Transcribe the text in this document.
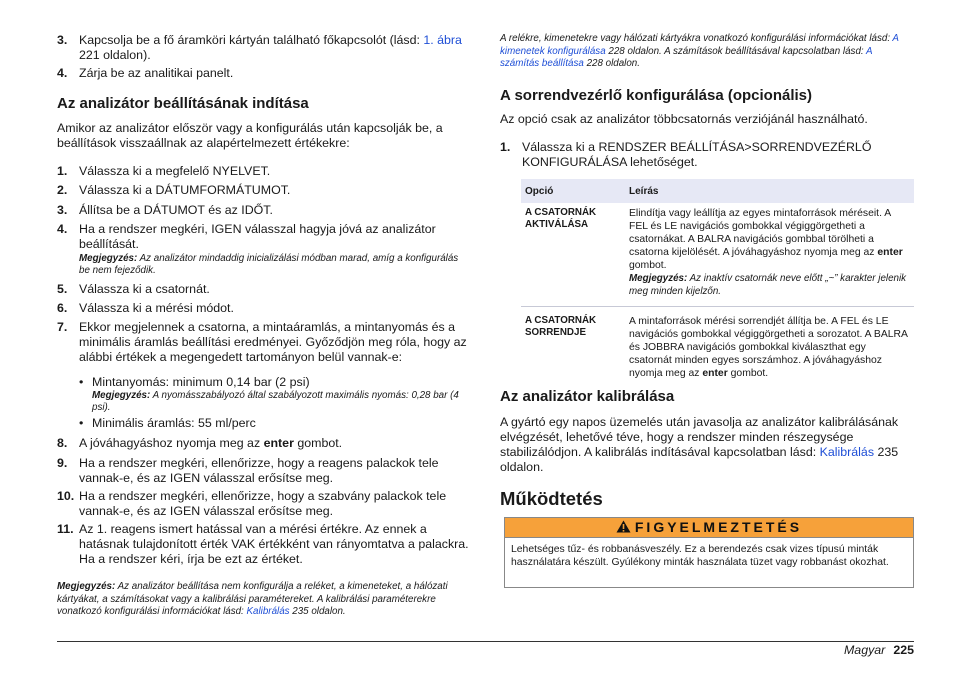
3. Kapcsolja be a fő áramköri kártyán található főkapcsolót (lásd: 1. ábra 221 oldalon).
4. Zárja be az analitikai panelt.
Az analizátor beállításának indítása

Amikor az analizátor először vagy a konfigurálás után kapcsolják be, a beállítások visszaállnak az alapértelmezett értékekre:

1. Válassza ki a megfelelő NYELVET.
2. Válassza ki a DÁTUMFORMÁTUMOT.
3. Állítsa be a DÁTUMOT és az IDŐT.
4. Ha a rendszer megkéri, IGEN válasszal hagyja jóvá az analizátor beállítását.
Megjegyzés: Az analizátor mindaddig inicializálási módban marad, amíg a konfigurálás be nem fejeződik.
5. Válassza ki a csatornát.
6. Válassza ki a mérési módot.
7. Ekkor megjelennek a csatorna, a mintaáramlás, a mintanyomás és a minimális áramlás beállítási eredményei. Győződjön meg róla, hogy az alábbi értékek a megengedett tartományon belül vannak-e:
• Mintanyomás: minimum 0,14 bar (2 psi)
Megjegyzés: A nyomásszabályozó által szabályozott maximális nyomás: 0,28 bar (4 psi).
• Minimális áramlás: 55 ml/perc
8. A jóváhagyáshoz nyomja meg az enter gombot.
9. Ha a rendszer megkéri, ellenőrizze, hogy a reagens palackok tele vannak-e, és az IGEN válasszal erősítse meg.
10. Ha a rendszer megkéri, ellenőrizze, hogy a szabvány palackok tele vannak-e, és az IGEN válasszal erősítse meg.
11. Az 1. reagens ismert hatással van a mérési értékre. Az ennek a hatásnak tulajdonított érték VAK értékként van rányomtatva a palackra. Ha a rendszer kéri, írja be ezt az értéket.

Megjegyzés: Az analizátor beállítása nem konfigurálja a reléket, a kimeneteket, a hálózati kártyákat, a számításokat vagy a kalibrálási paramétereket. A kalibrálási paraméterekre vonatkozó konfigurálási információkat lásd: Kalibrálás 235 oldalon.

A relékre, kimenetekre vagy hálózati kártyákra vonatkozó konfigurálási információkat lásd: A kimenetek konfigurálása 228 oldalon. A számítások beállításával kapcsolatban lásd: A számítás beállítása 228 oldalon.

A sorrendvezérlő konfigurálása (opcionális)

Az opció csak az analizátor többcsatornás verziójánál használható.

1. Válassza ki a RENDSZER BEÁLLÍTÁSA>SORRENDVEZÉRLŐ KONFIGURÁLÁSA lehetőséget.
Opció	Leírás
A CSATORNÁK AKTIVÁLÁSA	Elindítja vagy leállítja az egyes mintaforrások méréseit. A FEL és LE navigációs gombokkal végiggörgetheti a csatornákat. A BALRA navigációs gombbal törölheti a csatorna kijelölését. A jóváhagyáshoz nyomja meg az enter gombot.
Megjegyzés: Az inaktív csatornák neve előtt „~” karakter jelenik meg minden kijelzőn.
A CSATORNÁK SORRENDJE	A mintaforrások mérési sorrendjét állítja be. A FEL és LE navigációs gombokkal végiggörgetheti a sorozatot. A BALRA és JOBBRA navigációs gombokkal kiválaszthat egy csatornát minden egyes sorszámhoz. A jóváhagyáshoz nyomja meg az enter gombot.
Az analizátor kalibrálása

A gyártó egy napos üzemelés után javasolja az analizátor kalibrálásának elvégzését, lehetővé téve, hogy a rendszer minden részegysége stabilizálódjon. A kalibrálás indításával kapcsolatban lásd: Kalibrálás 235 oldalon.

Működtetés
FIGYELMEZTETÉS
Lehetséges tűz- és robbanásveszély. Ez a berendezés csak vizes típusú minták használatára készült. Gyúlékony minták használata tüzet vagy robbanást okozhat.
Magyar 225
